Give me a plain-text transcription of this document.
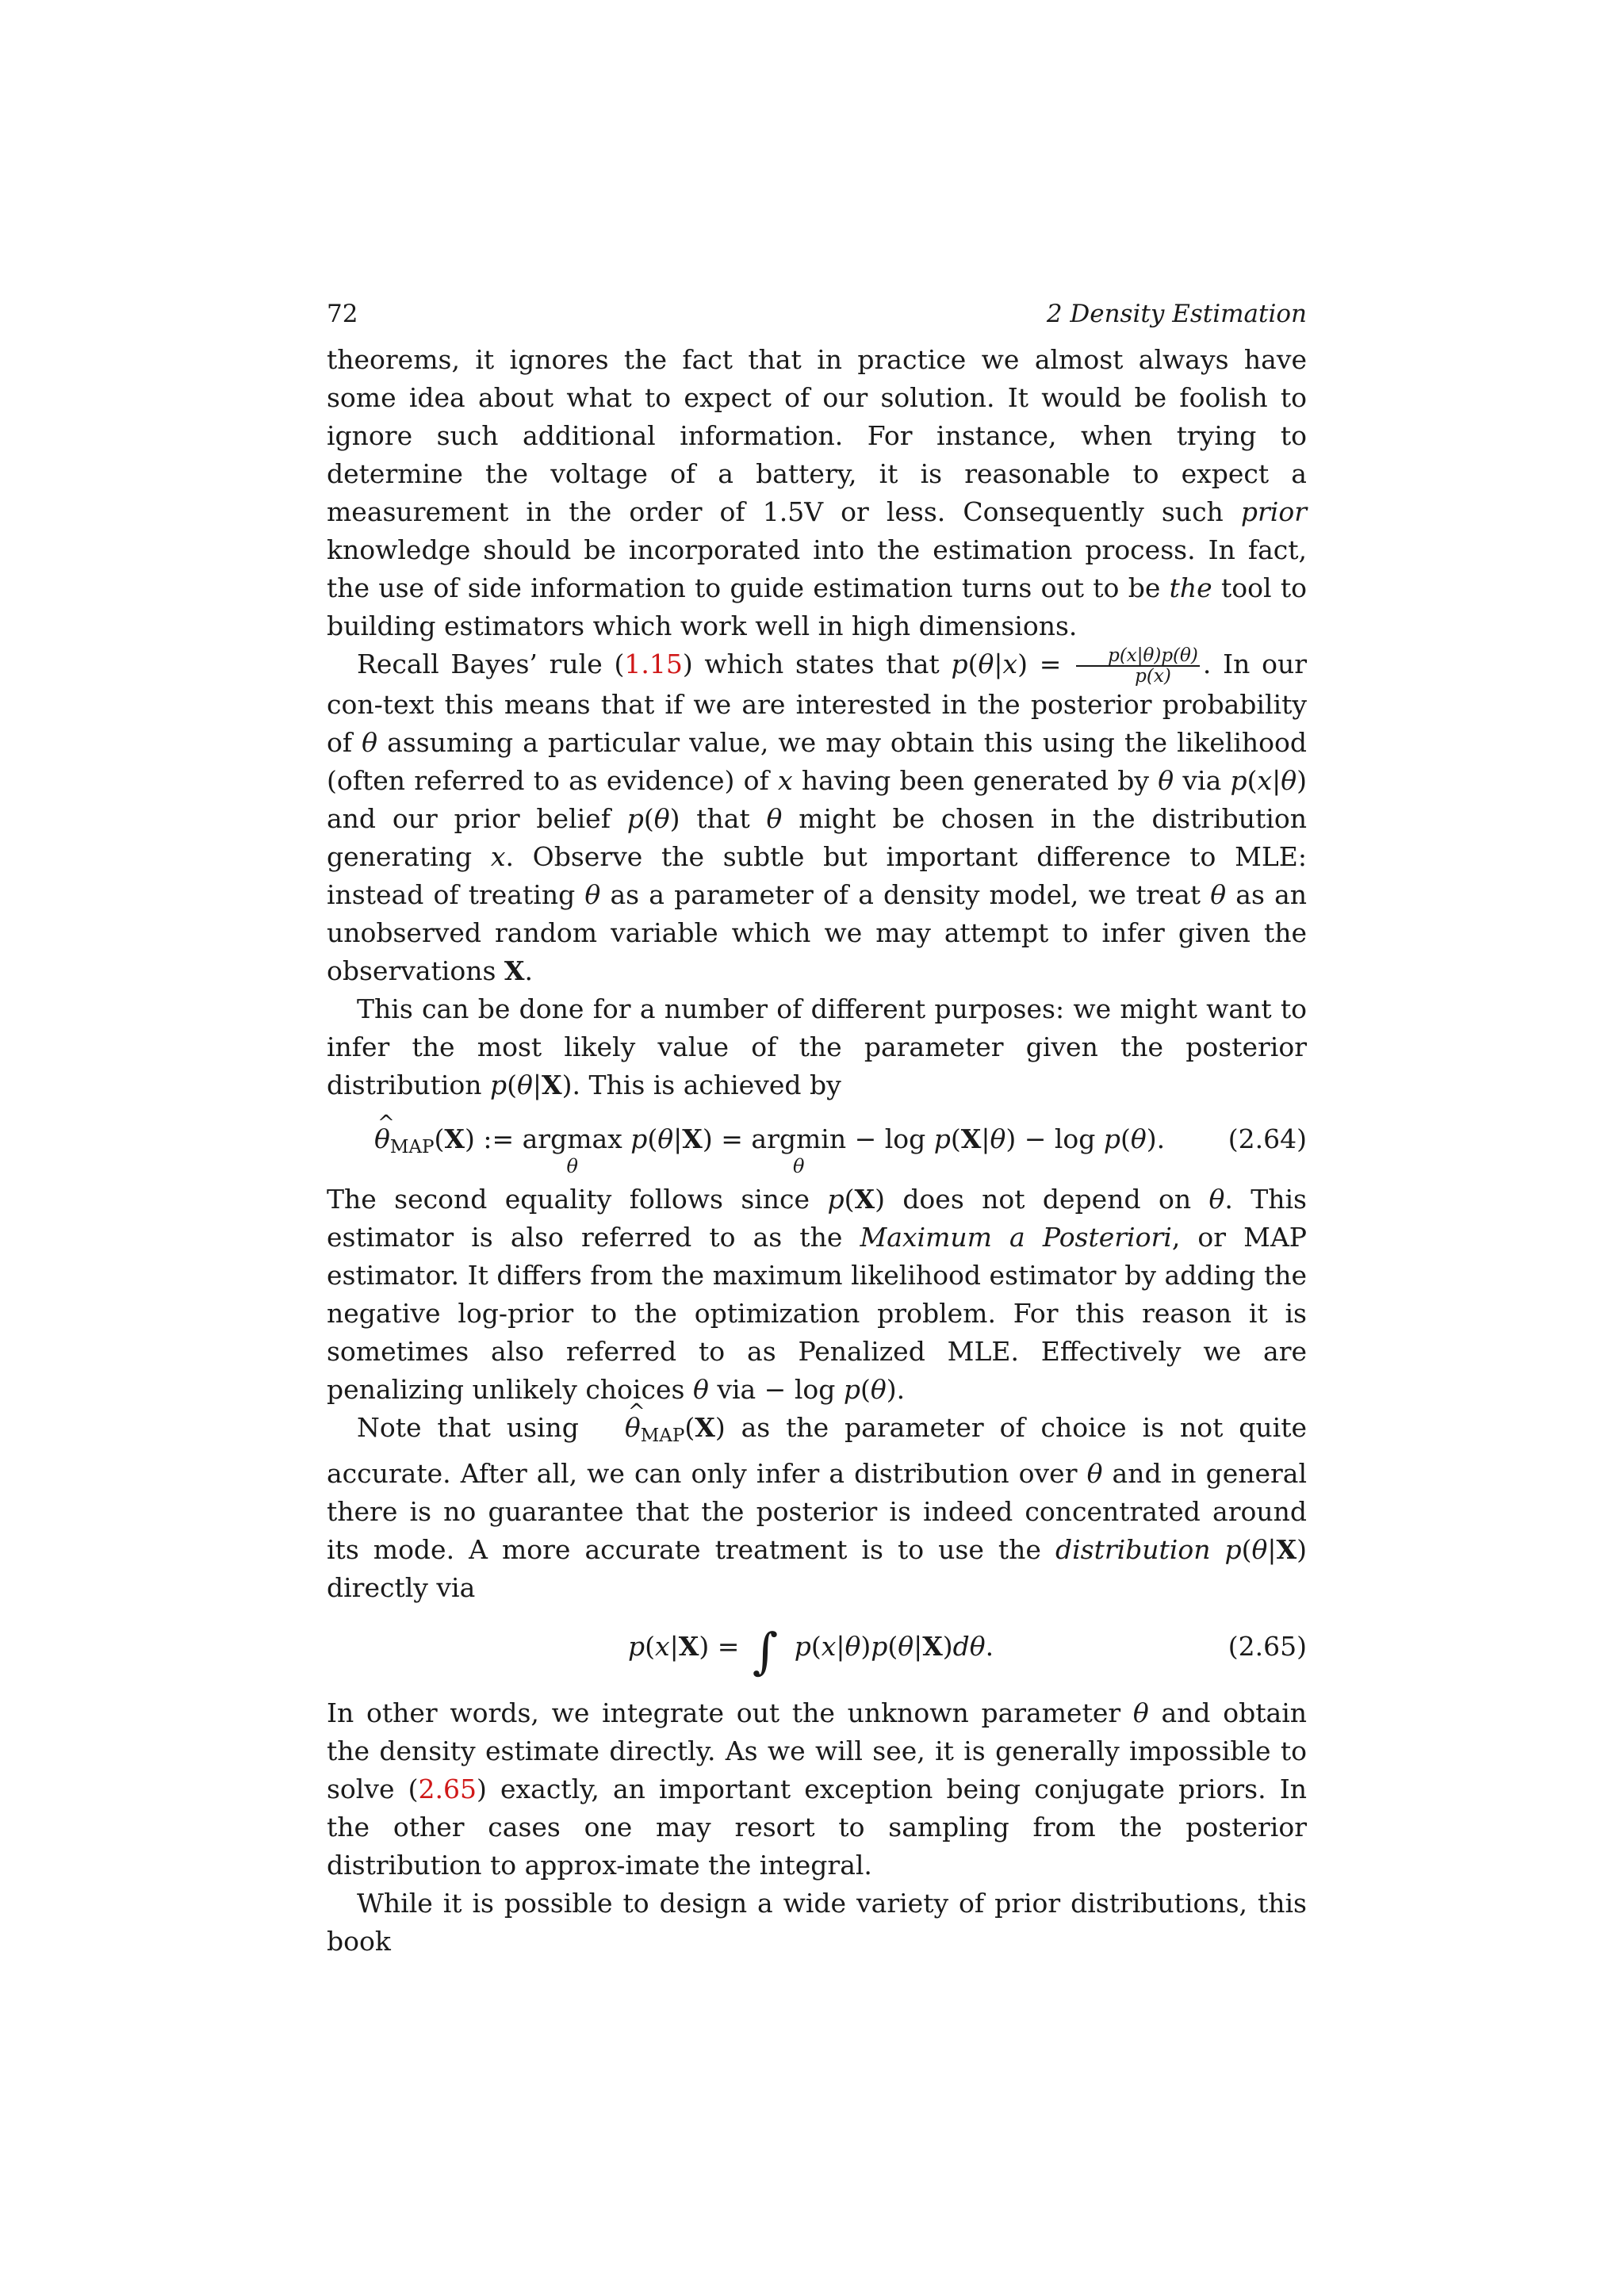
72	2 Density Estimation

theorems, it ignores the fact that in practice we almost always have some idea about what to expect of our solution. It would be foolish to ignore such additional information. For instance, when trying to determine the voltage of a battery, it is reasonable to expect a measurement in the order of 1.5V or less. Consequently such prior knowledge should be incorporated into the estimation process. In fact, the use of side information to guide estimation turns out to be the tool to building estimators which work well in high dimensions.

Recall Bayes’ rule (1.15) which states that $p(\theta|x) = \frac{p(x|\theta)p(\theta)}{p(x)}$ . In our con-text this means that if we are interested in the posterior probability of θ assuming a particular value, we may obtain this using the likelihood (often referred to as evidence) of x having been generated by θ via p(x|θ) and our prior belief p(θ) that θ might be chosen in the distribution generating x. Observe the subtle but important difference to MLE: instead of treating θ as a parameter of a density model, we treat θ as an unobserved random variable which we may attempt to infer given the observations X.

This can be done for a number of different purposes: we might want to infer the most likely value of the parameter given the posterior distribution p(θ|X). This is achieved by

^ θMAP(X) := argmax
θ
p(θ|X) = argmin
θ
− log p(X|θ) − log p(θ). (2.64)

The second equality follows since p(X) does not depend on θ. This estimator is also referred to as the Maximum a Posteriori, or MAP estimator. It differs from the maximum likelihood estimator by adding the negative log-prior to the optimization problem. For this reason it is sometimes also referred to as Penalized MLE. Effectively we are penalizing unlikely choices θ via − log p(θ).

Note that using ^ θMAP(X) as the parameter of choice is not quite accurate. After all, we can only infer a distribution over θ and in general there is no guarantee that the posterior is indeed concentrated around its mode. A more accurate treatment is to use the distribution p(θ|X) directly via

p(x|X) = ∫ p(x|θ)p(θ|X)dθ.	(2.65)

In other words, we integrate out the unknown parameter θ and obtain the density estimate directly. As we will see, it is generally impossible to solve (2.65) exactly, an important exception being conjugate priors. In the other cases one may resort to sampling from the posterior distribution to approx-imate the integral.

While it is possible to design a wide variety of prior distributions, this book
